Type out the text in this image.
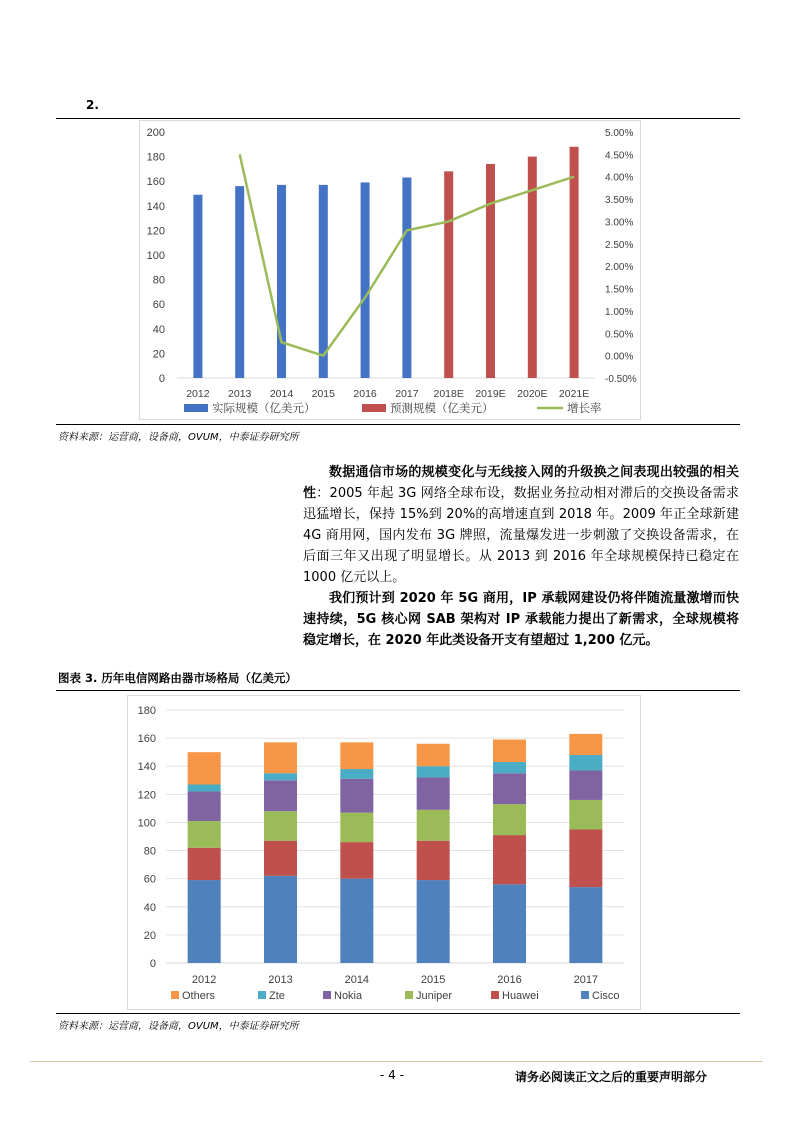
2.
0
20
40
60
80
100
120
140
160
180
200
-0.50%
0.00%
0.50%
1.00%
1.50%
2.00%
2.50%
3.00%
3.50%
4.00%
4.50%
5.00%
2012 2013 2014 2015 2016 2017 2018E 2019E 2020E 2021E
实际规模（亿美元）	预测规模（亿美元）	增长率
资料来源：运营商，设备商，OVUM，中泰证券研究所
数据通信市场的规模变化与无线接入网的升级换之间表现出较强的相关性：2005 年起 3G 网络全球布设，数据业务拉动相对滞后的交换设备需求迅猛增长，保持 15%到 20%的高增速直到 2018 年。2009 年正全球新建 4G 商用网，国内发布 3G 牌照，流量爆发进一步刺激了交换设备需求，在后面三年又出现了明显增长。从 2013 到 2016 年全球规模保持已稳定在 1000 亿元以上。
我们预计到 2020 年 5G 商用，IP 承载网建设仍将伴随流量激增而快速持续，5G 核心网 SAB 架构对 IP 承载能力提出了新需求，全球规模将稳定增长，在 2020 年此类设备开支有望超过 1,200 亿元。
图表 3. 历年电信网路由器市场格局（亿美元）
0
20
40
60
80
100
120
140
160
180
2012	2013	2014	2015	2016	2017
Others	Zte	Nokia	Juniper	Huawei	Cisco
资料来源：运营商，设备商，OVUM，中泰证券研究所
- 4 -	请务必阅读正文之后的重要声明部分
